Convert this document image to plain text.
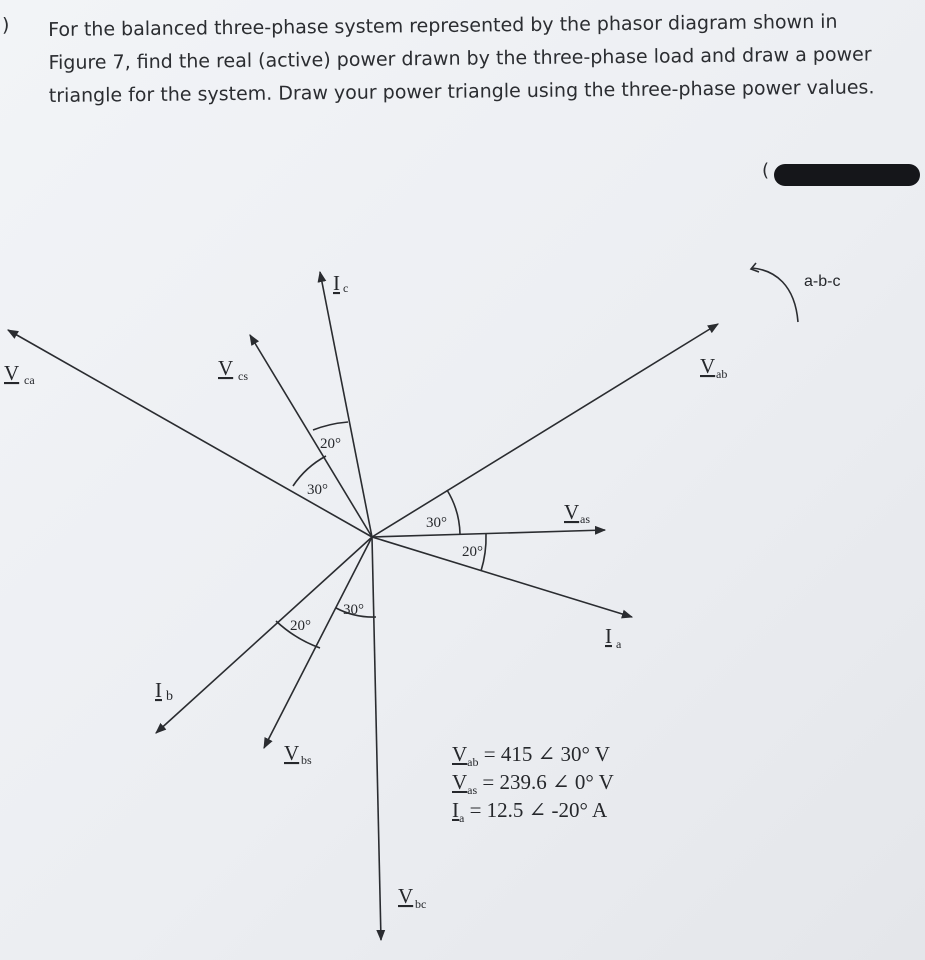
) For the balanced three-phase system represented by the phasor diagram shown in Figure 7, find the real (active) power drawn by the three-phase load and draw a power triangle for the system. Draw your power triangle using the three-phase power values.
(
V ab
V as
I a
I b
I c
V ca	V cs
V bs
V bc
30°
20°
20°
30°
20°
30°
a-b-c
$V_{ab} = 415$ ∠ 30° V
$V_{as} = 239.6$ ∠ 0° V
$I_a = 12.5$ ∠ -20° A
